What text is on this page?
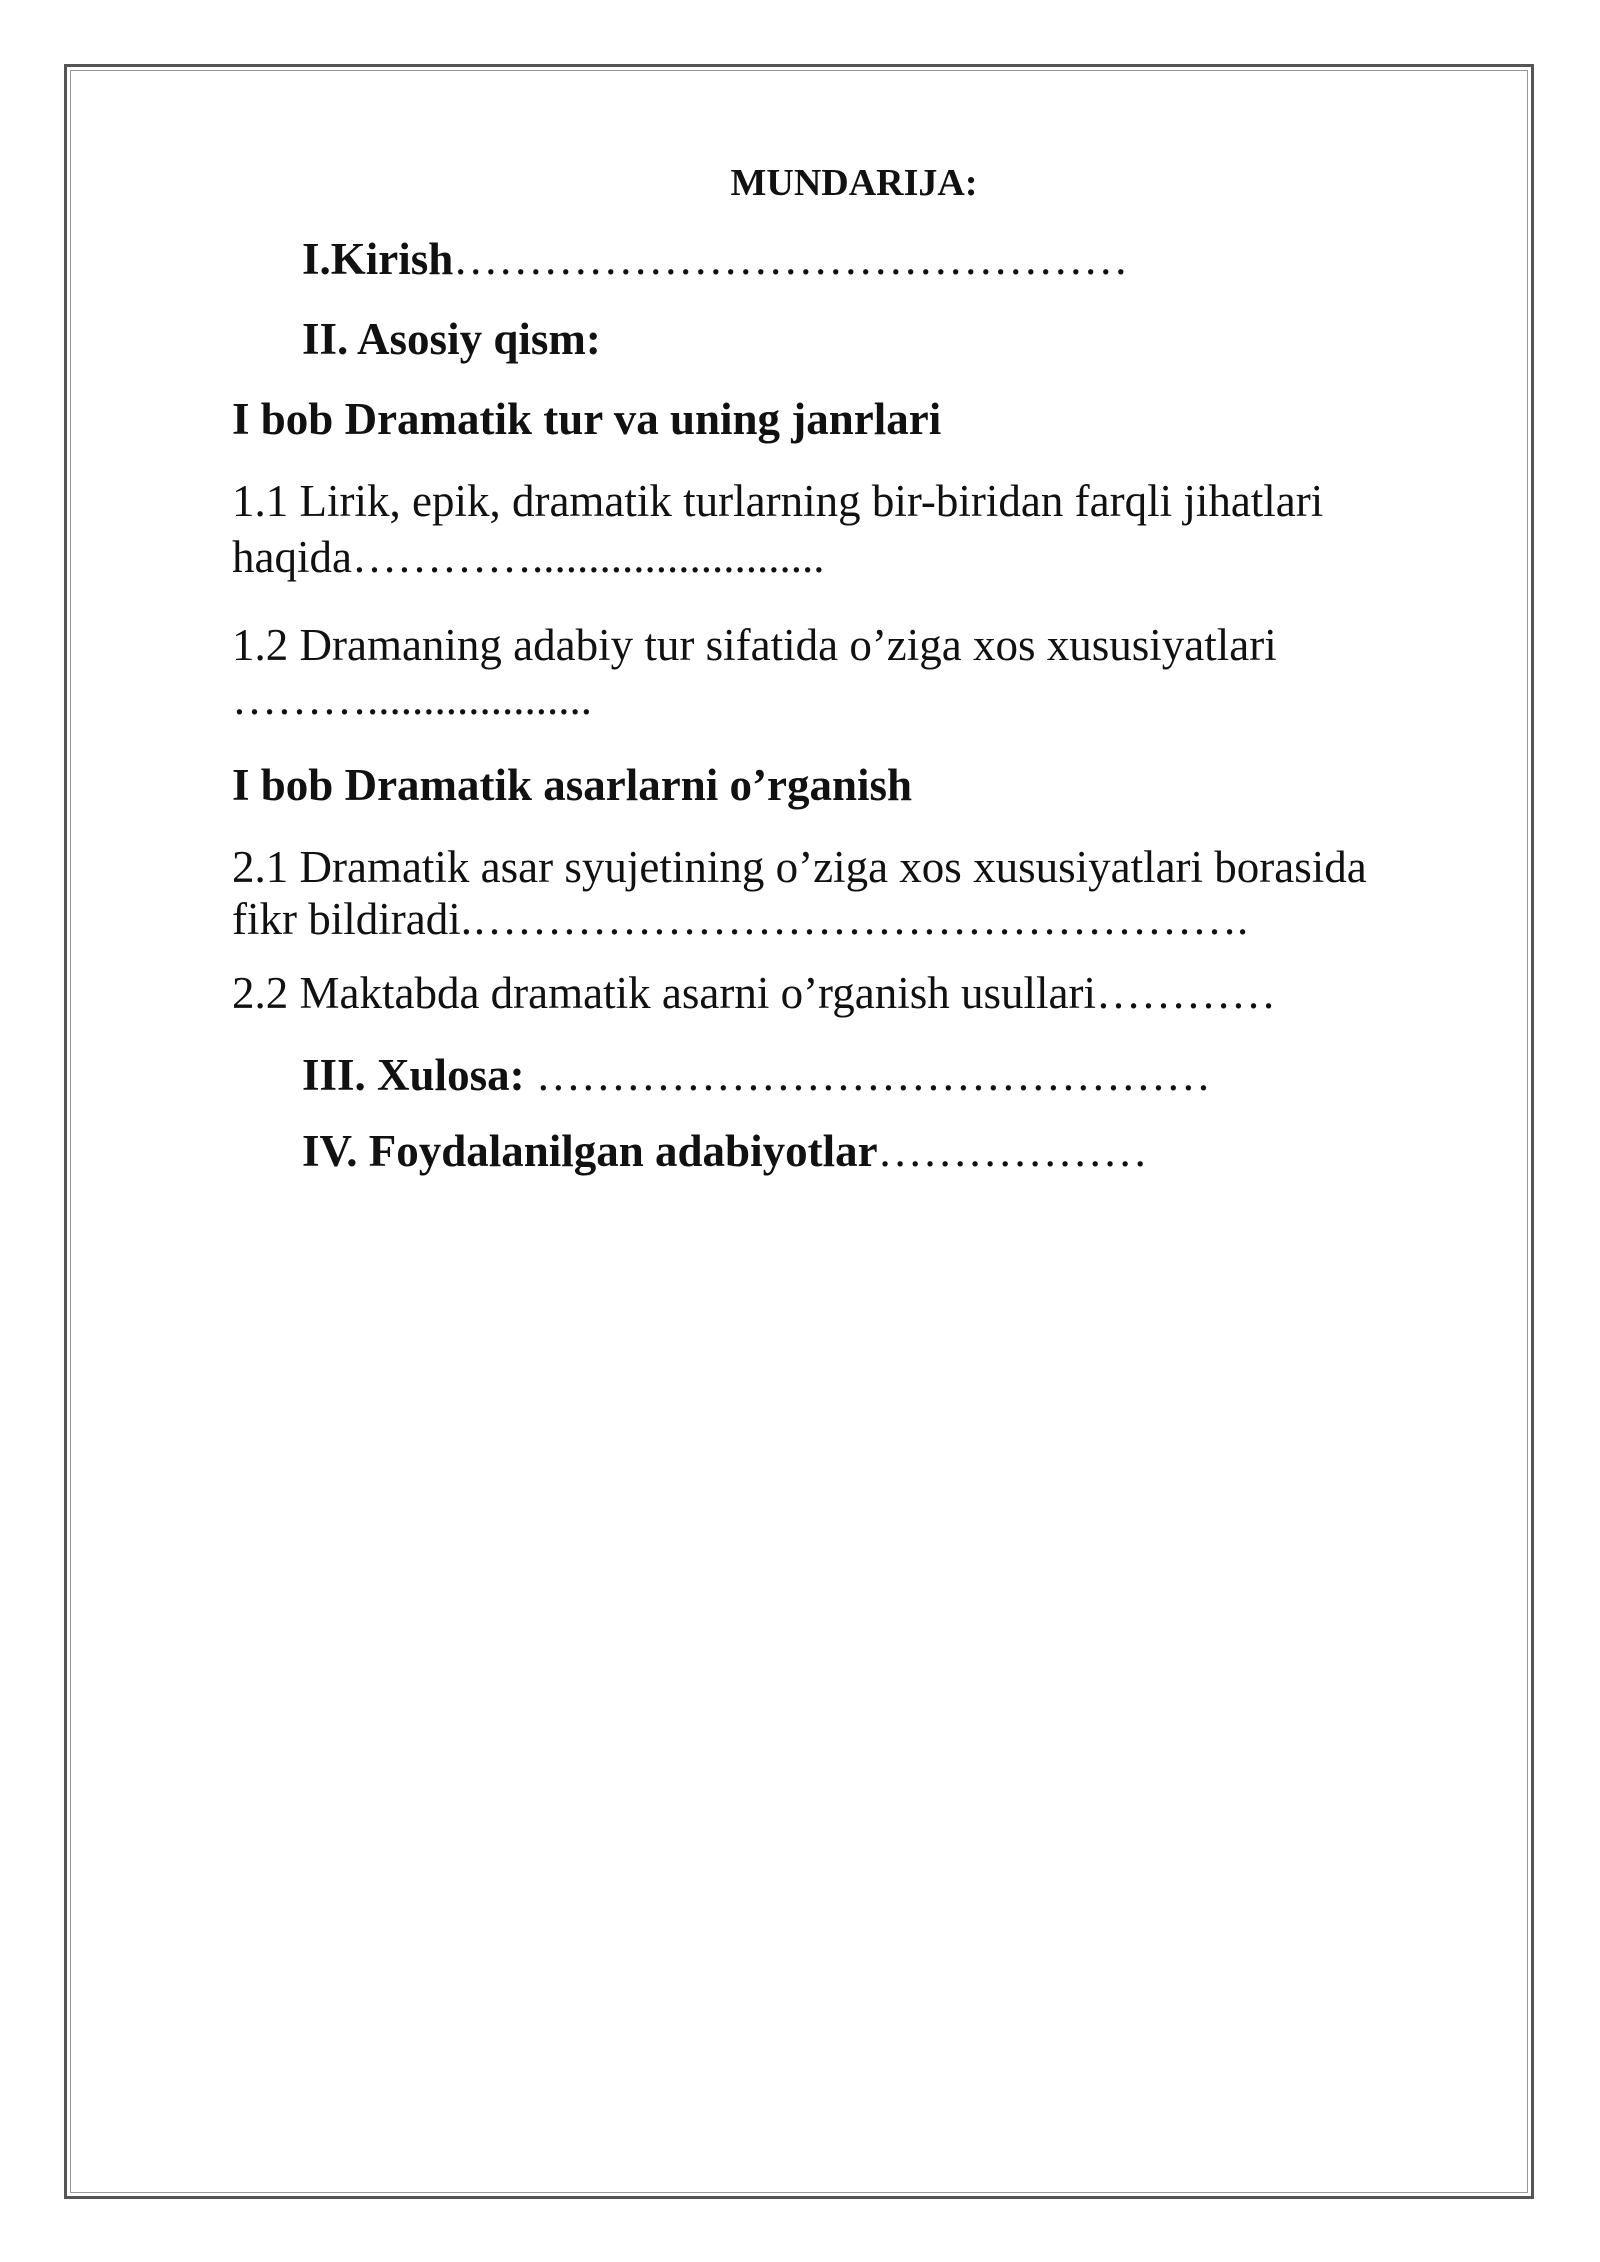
MUNDARIJA:
I.Kirish………………………………………
II. Asosiy qism:
I bob Dramatik tur va uning janrlari
1.1 Lirik, epik, dramatik turlarning bir-biridan farqli jihatlari
haqida…………..........................
1.2 Dramaning adabiy tur sifatida o’ziga xos xususiyatlari
………....................
I bob Dramatik asarlarni o’rganish
2.1 Dramatik asar syujetining o’ziga xos xususiyatlari borasida
fikr bildiradi.…………………………………………….
2.2 Maktabda dramatik asarni o’rganish usullari…………
III. Xulosa: ………………………………………
IV. Foydalanilgan adabiyotlar………………
